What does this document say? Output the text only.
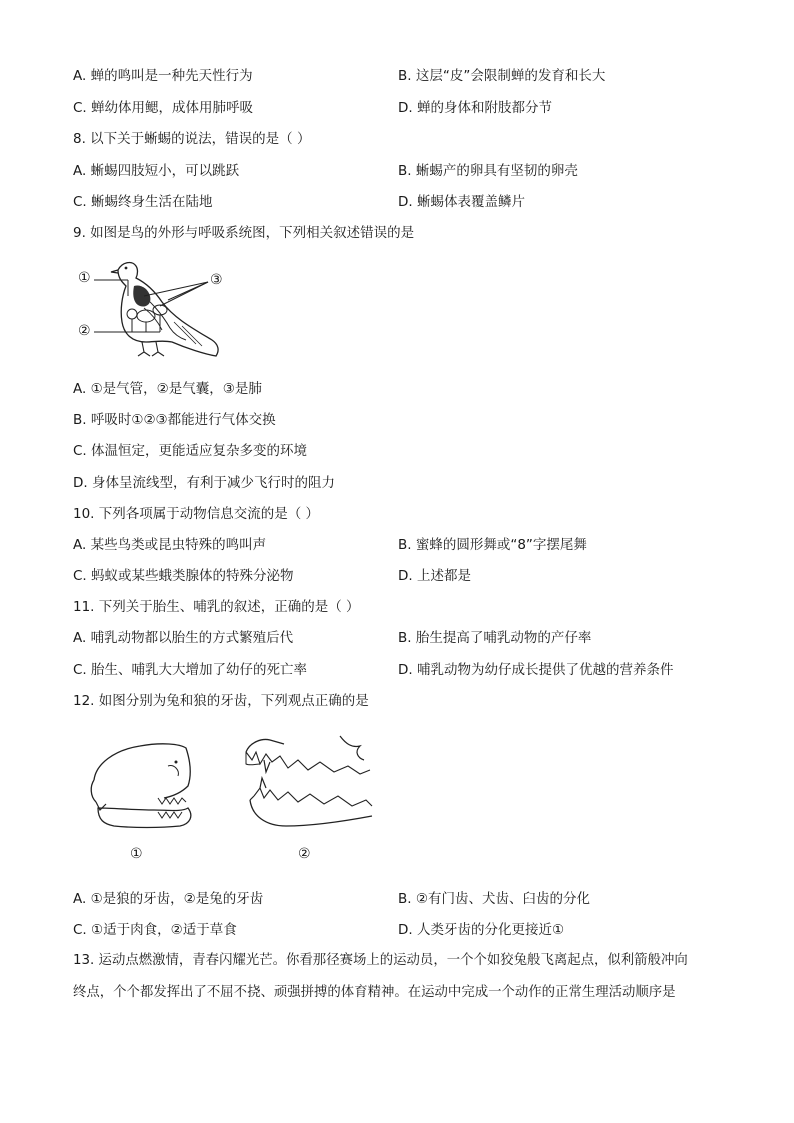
A. 蝉的鸣叫是一种先天性行为	B. 这层“皮”会限制蝉的发育和长大
C. 蝉幼体用鳃，成体用肺呼吸	D. 蝉的身体和附肢都分节
8. 以下关于蜥蜴的说法，错误的是（ ）
A. 蜥蜴四肢短小，可以跳跃	B. 蜥蜴产的卵具有坚韧的卵壳
C. 蜥蜴终身生活在陆地	D. 蜥蜴体表覆盖鳞片
9. 如图是鸟的外形与呼吸系统图，下列相关叙述错误的是
①
②
③
A. ①是气管，②是气囊，③是肺
B. 呼吸时①②③都能进行气体交换
C. 体温恒定，更能适应复杂多变的环境
D. 身体呈流线型，有利于减少飞行时的阻力
10. 下列各项属于动物信息交流的是（ ）
A. 某些鸟类或昆虫特殊的鸣叫声	B. 蜜蜂的圆形舞或“8”字摆尾舞
C. 蚂蚁或某些蛾类腺体的特殊分泌物	D. 上述都是
11. 下列关于胎生、哺乳的叙述，正确的是（ ）
A. 哺乳动物都以胎生的方式繁殖后代	B. 胎生提高了哺乳动物的产仔率
C. 胎生、哺乳大大增加了幼仔的死亡率	D. 哺乳动物为幼仔成长提供了优越的营养条件
12. 如图分别为兔和狼的牙齿，下列观点正确的是
①	②
A. ①是狼的牙齿，②是兔的牙齿	B. ②有门齿、犬齿、臼齿的分化
C. ①适于肉食，②适于草食	D. 人类牙齿的分化更接近①
13. 运动点燃激情，青春闪耀光芒。你看那径赛场上的运动员，一个个如狡兔般飞离起点，似利箭般冲向
终点，个个都发挥出了不屈不挠、顽强拼搏的体育精神。在运动中完成一个动作的正常生理活动顺序是
